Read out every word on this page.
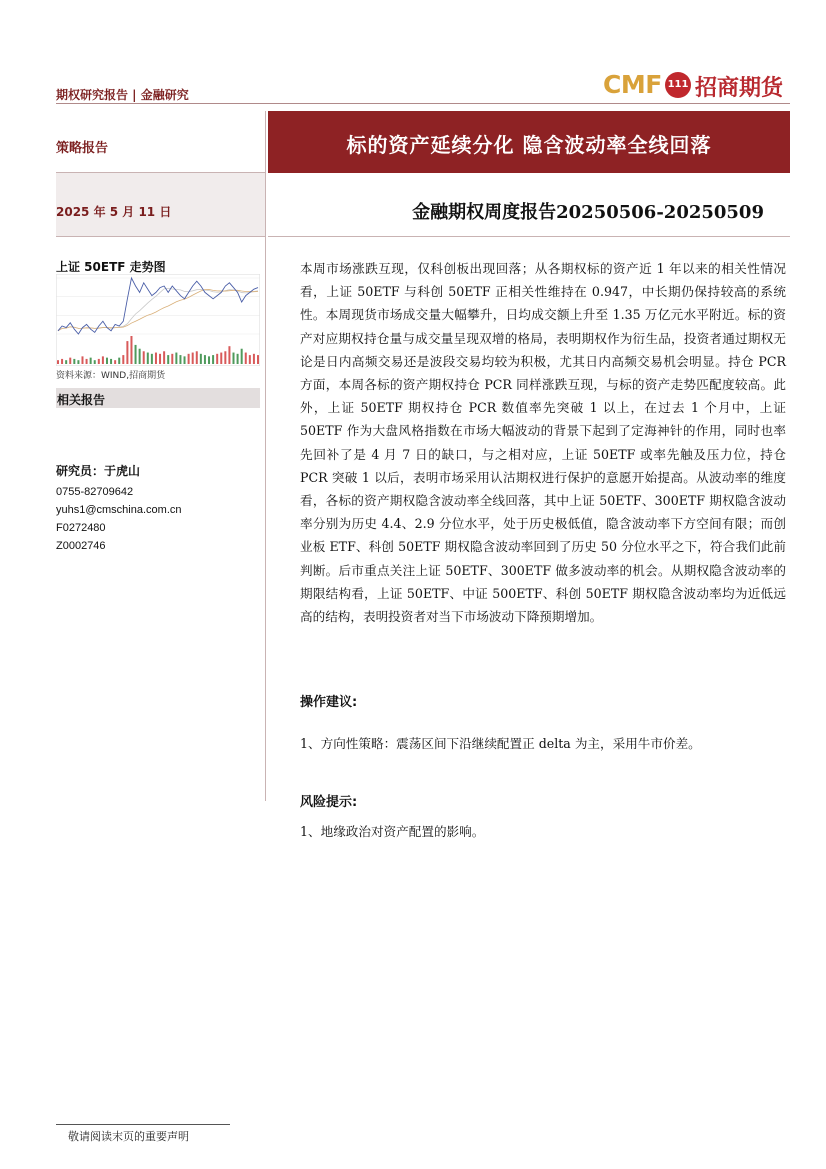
期权研究报告 | 金融研究	CMF 111 招商期货
策略报告
2025 年 5 月 11 日
标的资产延续分化 隐含波动率全线回落
金融期权周度报告20250506-20250509
上证 50ETF 走势图
资料来源：WIND,招商期货
相关报告
研究员：于虎山
0755-82709642
yuhs1@cmschina.com.cn
F0272480
Z0002746
本周市场涨跌互现，仅科创板出现回落；从各期权标的资产近 1 年以来的相关性情况看，上证 50ETF 与科创 50ETF 正相关性维持在 0.947，中长期仍保持较高的系统性。本周现货市场成交量大幅攀升，日均成交额上升至 1.35 万亿元水平附近。标的资产对应期权持仓量与成交量呈现双增的格局，表明期权作为衍生品，投资者通过期权无论是日内高频交易还是波段交易均较为积极，尤其日内高频交易机会明显。持仓 PCR 方面，本周各标的资产期权持仓 PCR 同样涨跌互现，与标的资产走势匹配度较高。此外，上证 50ETF 期权持仓 PCR 数值率先突破 1 以上，在过去 1 个月中，上证 50ETF 作为大盘风格指数在市场大幅波动的背景下起到了定海神针的作用，同时也率先回补了是 4 月 7 日的缺口，与之相对应，上证 50ETF 或率先触及压力位，持仓 PCR 突破 1 以后，表明市场采用认沽期权进行保护的意愿开始提高。从波动率的维度看，各标的资产期权隐含波动率全线回落，其中上证 50ETF、300ETF 期权隐含波动率分别为历史 4.4、2.9 分位水平，处于历史极低值，隐含波动率下方空间有限；而创业板 ETF、科创 50ETF 期权隐含波动率回到了历史 50 分位水平之下，符合我们此前判断。后市重点关注上证 50ETF、300ETF 做多波动率的机会。从期权隐含波动率的期限结构看，上证 50ETF、中证 500ETF、科创 50ETF 期权隐含波动率均为近低远高的结构，表明投资者对当下市场波动下降预期增加。
操作建议:
1、方向性策略：震荡区间下沿继续配置正 delta 为主，采用牛市价差。
风险提示:
1、地缘政治对资产配置的影响。
敬请阅读末页的重要声明
